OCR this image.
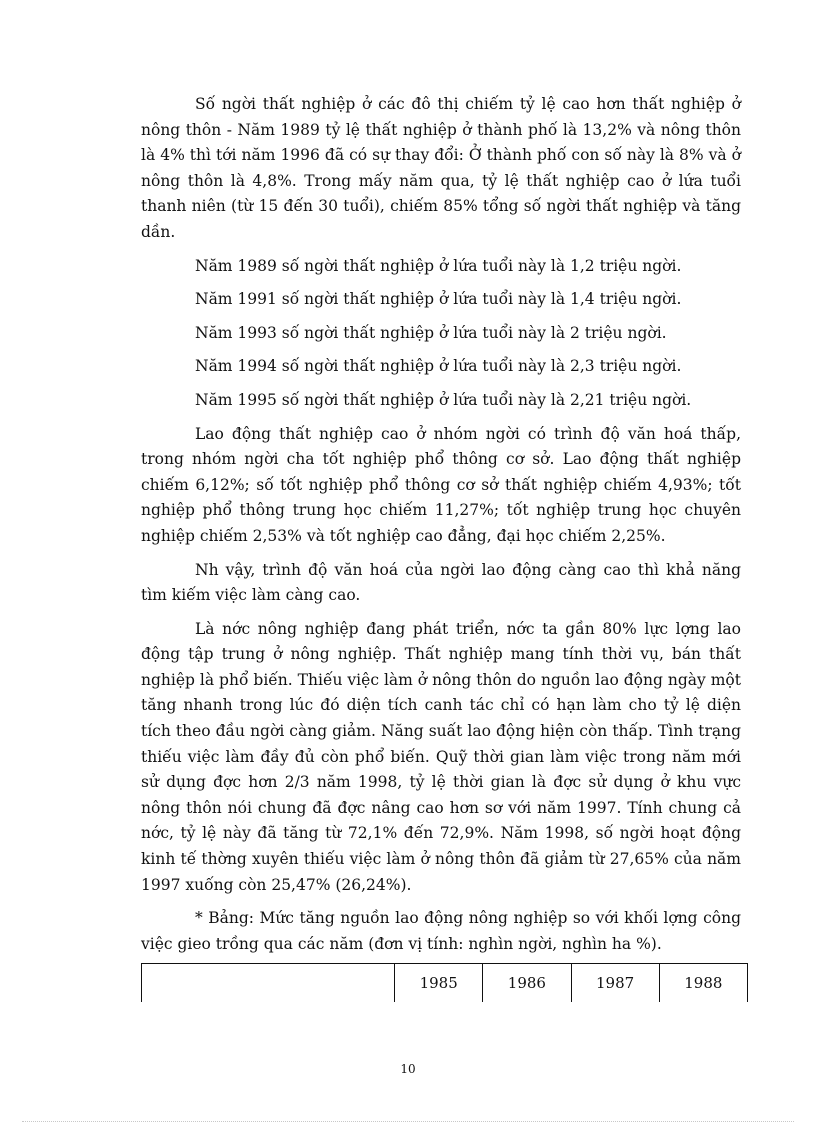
Số ngời thất nghiệp ở các đô thị chiếm tỷ lệ cao hơn thất nghiệp ở nông thôn - Năm 1989 tỷ lệ thất nghiệp ở thành phố là 13,2% và nông thôn là 4% thì tới năm 1996 đã có sự thay đổi: Ở thành phố con số này là 8% và ở nông thôn là 4,8%. Trong mấy năm qua, tỷ lệ thất nghiệp cao ở lứa tuổi thanh niên (từ 15 đến 30 tuổi), chiếm 85% tổng số ngời thất nghiệp và tăng dần.

Năm 1989 số ngời thất nghiệp ở lứa tuổi này là 1,2 triệu ngời.

Năm 1991 số ngời thất nghiệp ở lứa tuổi này là 1,4 triệu ngời.

Năm 1993 số ngời thất nghiệp ở lứa tuổi này là 2 triệu ngời.

Năm 1994 số ngời thất nghiệp ở lứa tuổi này là 2,3 triệu ngời.

Năm 1995 số ngời thất nghiệp ở lứa tuổi này là 2,21 triệu ngời.

Lao động thất nghiệp cao ở nhóm ngời có trình độ văn hoá thấp, trong nhóm ngời cha tốt nghiệp phổ thông cơ sở. Lao động thất nghiệp chiếm 6,12%; số tốt nghiệp phổ thông cơ sở thất nghiệp chiếm 4,93%; tốt nghiệp phổ thông trung học chiếm 11,27%; tốt nghiệp trung học chuyên nghiệp chiếm 2,53% và tốt nghiệp cao đẳng, đại học chiếm 2,25%.

Nh vậy, trình độ văn hoá của ngời lao động càng cao thì khả năng tìm kiếm việc làm càng cao.

Là nớc nông nghiệp đang phát triển, nớc ta gần 80% lực lợng lao động tập trung ở nông nghiệp. Thất nghiệp mang tính thời vụ, bán thất nghiệp là phổ biến. Thiếu việc làm ở nông thôn do nguồn lao động ngày một tăng nhanh trong lúc đó diện tích canh tác chỉ có hạn làm cho tỷ lệ diện tích theo đầu ngời càng giảm. Năng suất lao động hiện còn thấp. Tình trạng thiếu việc làm đầy đủ còn phổ biến. Quỹ thời gian làm việc trong năm mới sử dụng đợc hơn 2/3 năm 1998, tỷ lệ thời gian là đợc sử dụng ở khu vực nông thôn nói chung đã đợc nâng cao hơn sơ với năm 1997. Tính chung cả nớc, tỷ lệ này đã tăng từ 72,1% đến 72,9%. Năm 1998, số ngời hoạt động kinh tế thờng xuyên thiếu việc làm ở nông thôn đã giảm từ 27,65% của năm 1997 xuống còn 25,47% (26,24%).

* Bảng: Mức tăng nguồn lao động nông nghiệp so với khối lợng công việc gieo trồng qua các năm (đơn vị tính: nghìn ngời, nghìn ha %).

	1985	1986	1987	1988
10
